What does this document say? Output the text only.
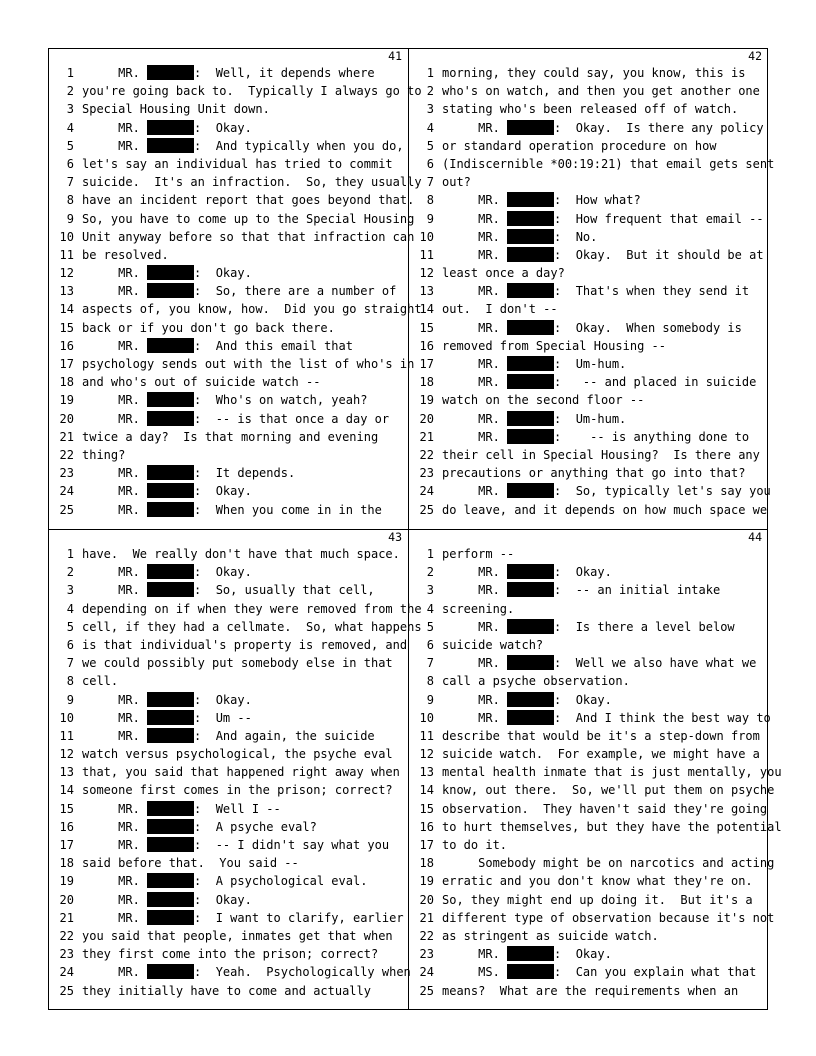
41
1 MR.	:  Well, it depends where
2 you're going back to.  Typically I always go to
3 Special Housing Unit down.
4 MR.	:  Okay.
5 MR.	:  And typically when you do,
6 let's say an individual has tried to commit
7 suicide.  It's an infraction.  So, they usually
8 have an incident report that goes beyond that.
9 So, you have to come up to the Special Housing
10 Unit anyway before so that that infraction can
11 be resolved.
12 MR.	:  Okay.
13 MR.	:  So, there are a number of
14 aspects of, you know, how.  Did you go straight
15 back or if you don't go back there.
16 MR.	:  And this email that
17 psychology sends out with the list of who's in
18 and who's out of suicide watch --
19 MR.	:  Who's on watch, yeah?
20 MR.	:  -- is that once a day or
21 twice a day?  Is that morning and evening
22 thing?
23 MR.	:  It depends.
24 MR.	:  Okay.
25 MR.	:  When you come in in the
42
1 morning, they could say, you know, this is
2 who's on watch, and then you get another one
3 stating who's been released off of watch.
4 MR.	:  Okay.  Is there any policy
5 or standard operation procedure on how
6 (Indiscernible *00:19:21) that email gets sent
7 out?
8 MR.	:  How what?
9 MR.	:  How frequent that email --
10 MR.	:  No.
11 MR.	:  Okay.  But it should be at
12 least once a day?
13 MR.	:  That's when they send it
14 out.  I don't --
15 MR.	:  Okay.  When somebody is
16 removed from Special Housing --
17 MR.	:  Um-hum.
18 MR.	:   -- and placed in suicide
19 watch on the second floor --
20 MR.	:  Um-hum.
21 MR.	:    -- is anything done to
22 their cell in Special Housing?  Is there any
23 precautions or anything that go into that?
24 MR.	:  So, typically let's say you
25 do leave, and it depends on how much space we
43
1 have.  We really don't have that much space.
2 MR.	:  Okay.
3 MR.	:  So, usually that cell,
4 depending on if when they were removed from the
5 cell, if they had a cellmate.  So, what happens
6 is that individual's property is removed, and
7 we could possibly put somebody else in that
8 cell.
9 MR.	:  Okay.
10 MR.	:  Um --
11 MR.	:  And again, the suicide
12 watch versus psychological, the psyche eval
13 that, you said that happened right away when
14 someone first comes in the prison; correct?
15 MR.	:  Well I --
16 MR.	:  A psyche eval?
17 MR.	:  -- I didn't say what you
18 said before that.  You said --
19 MR.	:  A psychological eval.
20 MR.	:  Okay.
21 MR.	:  I want to clarify, earlier
22 you said that people, inmates get that when
23 they first come into the prison; correct?
24 MR.	:  Yeah.  Psychologically when
25 they initially have to come and actually
44
1 perform --
2 MR.	:  Okay.
3 MR.	:  -- an initial intake
4 screening.
5 MR.	:  Is there a level below
6 suicide watch?
7 MR.	:  Well we also have what we
8 call a psyche observation.
9 MR.	:  Okay.
10 MR.	:  And I think the best way to
11 describe that would be it's a step-down from
12 suicide watch.  For example, we might have a
13 mental health inmate that is just mentally, you
14 know, out there.  So, we'll put them on psyche
15 observation.  They haven't said they're going
16 to hurt themselves, but they have the potential
17 to do it.
18 Somebody might be on narcotics and acting
19 erratic and you don't know what they're on.
20 So, they might end up doing it.  But it's a
21 different type of observation because it's not
22 as stringent as suicide watch.
23 MR.	:  Okay.
24 MS.	:  Can you explain what that
25 means?  What are the requirements when an
